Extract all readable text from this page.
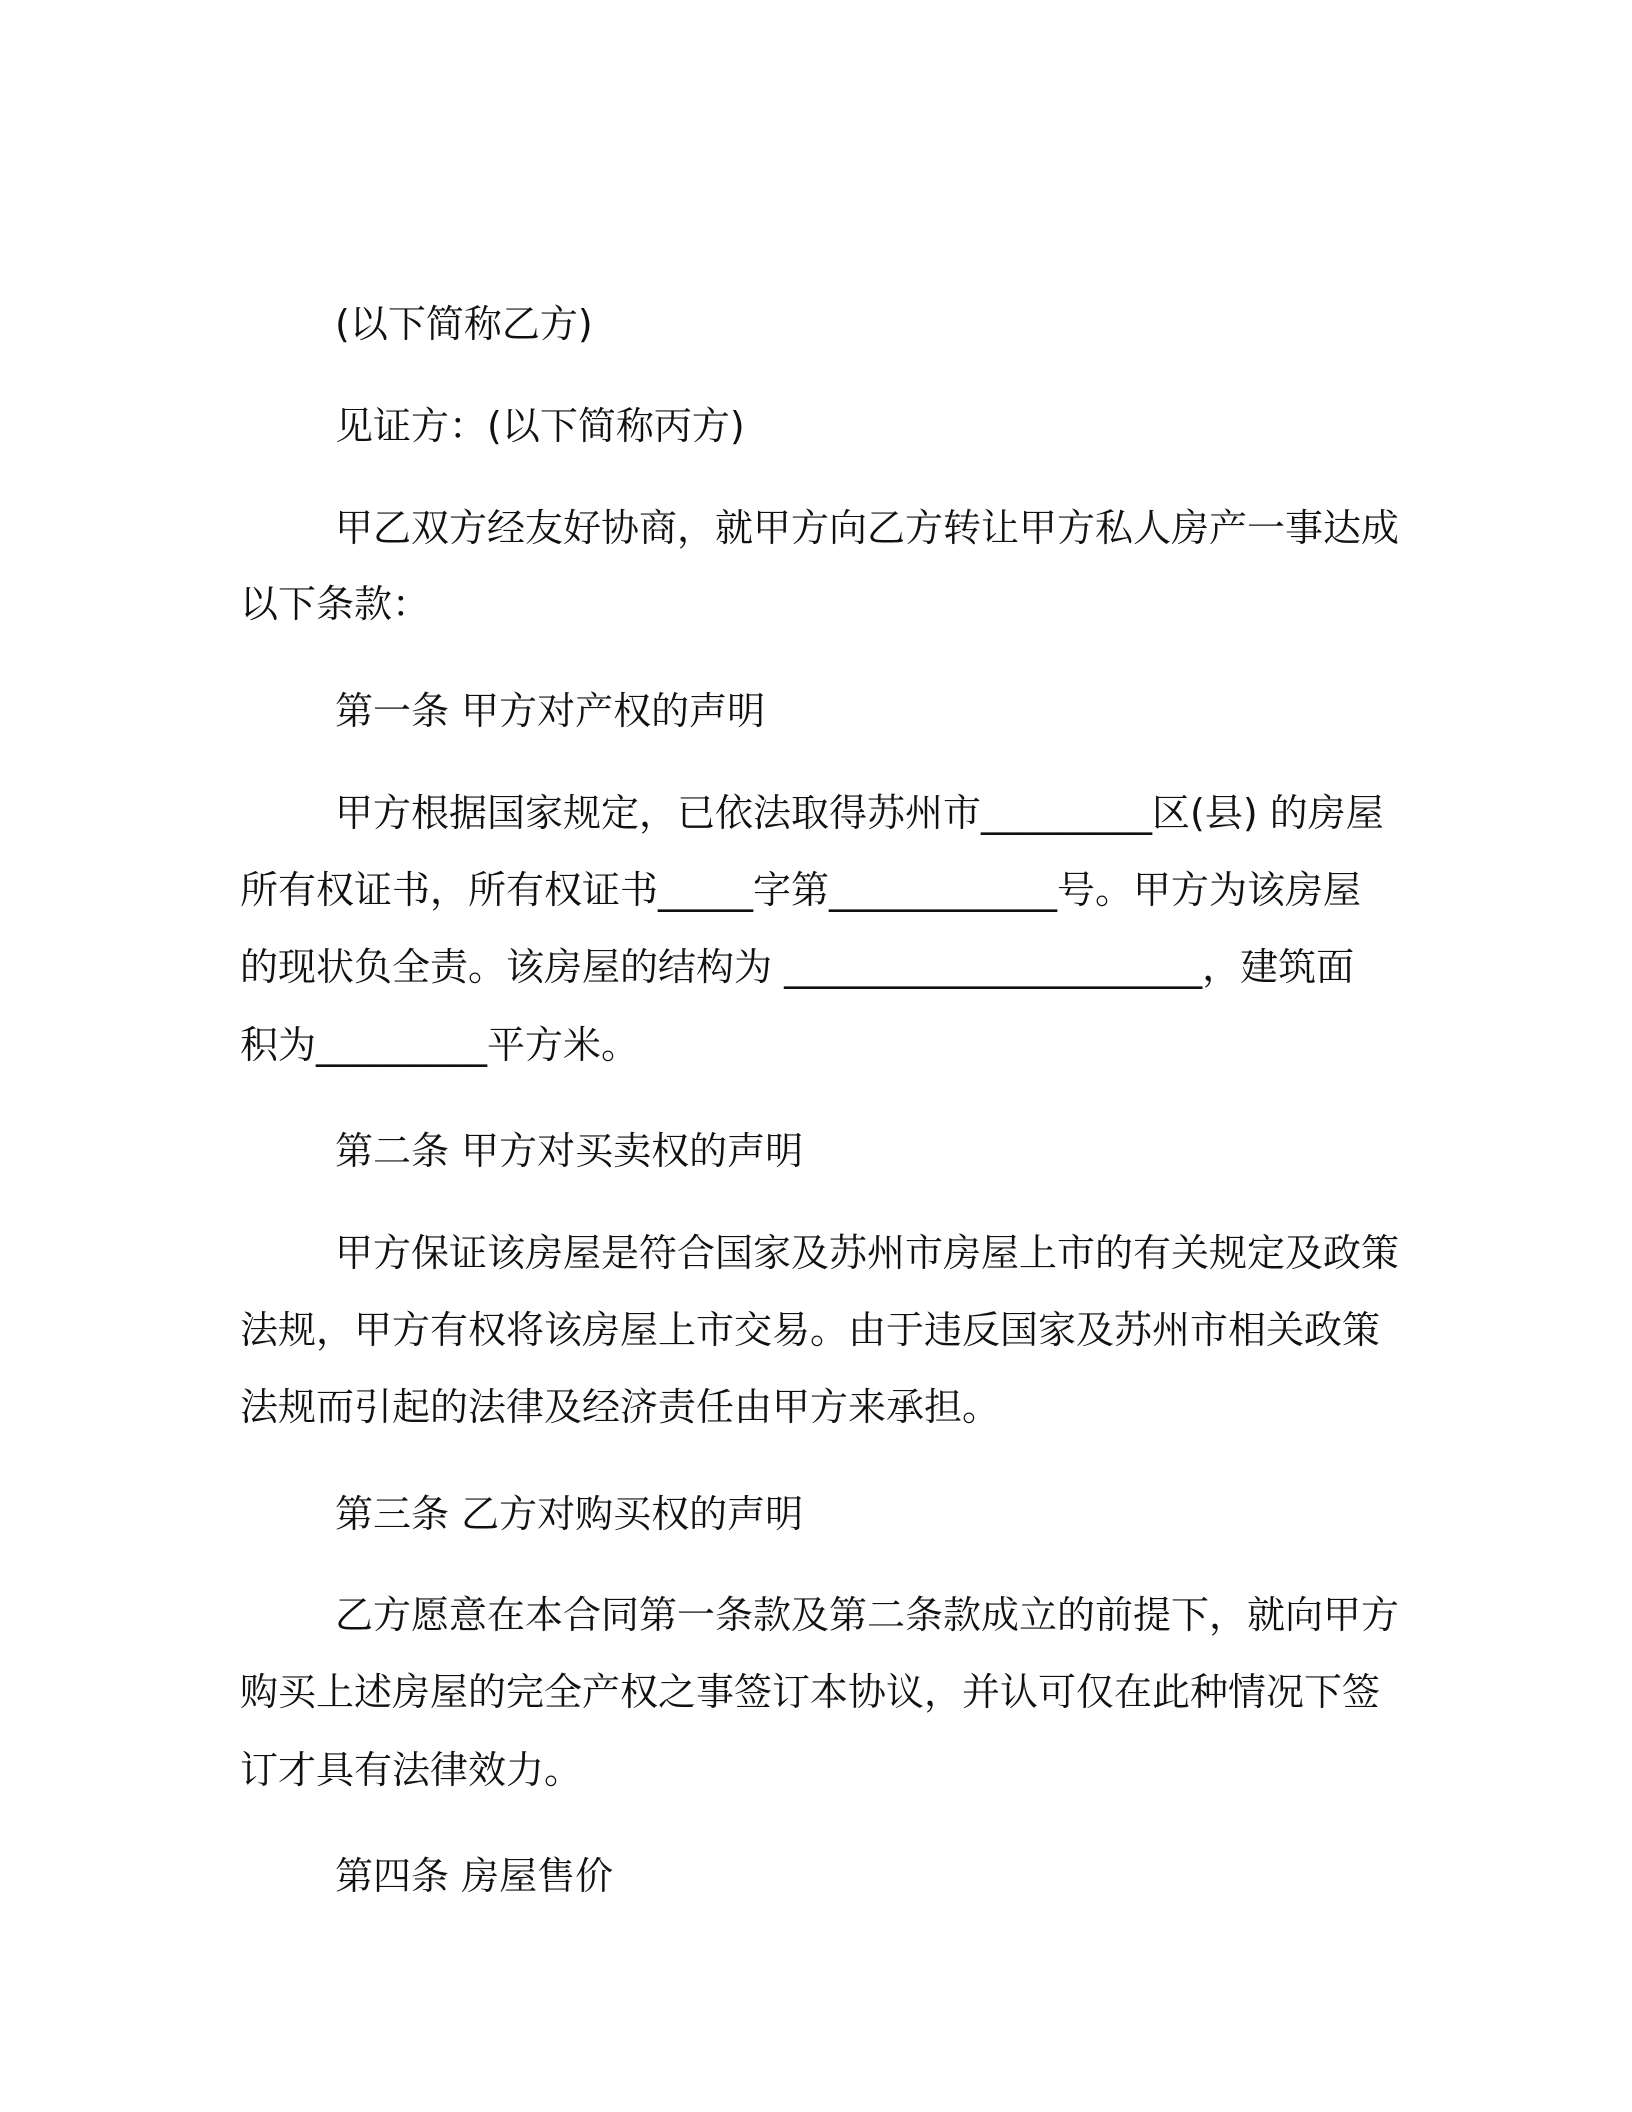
(以下简称乙方)
见证方：(以下简称丙方)
甲乙双方经友好协商，就甲方向乙方转让甲方私人房产一事达成
以下条款：
第一条 甲方对产权的声明
甲方根据国家规定，已依法取得苏州市_________区(县) 的房屋
所有权证书，所有权证书_____字第____________号。甲方为该房屋
的现状负全责。该房屋的结构为 ______________________，建筑面
积为_________平方米。
第二条 甲方对买卖权的声明
甲方保证该房屋是符合国家及苏州市房屋上市的有关规定及政策
法规，甲方有权将该房屋上市交易。由于违反国家及苏州市相关政策
法规而引起的法律及经济责任由甲方来承担。
第三条 乙方对购买权的声明
乙方愿意在本合同第一条款及第二条款成立的前提下，就向甲方
购买上述房屋的完全产权之事签订本协议，并认可仅在此种情况下签
订才具有法律效力。
第四条 房屋售价
